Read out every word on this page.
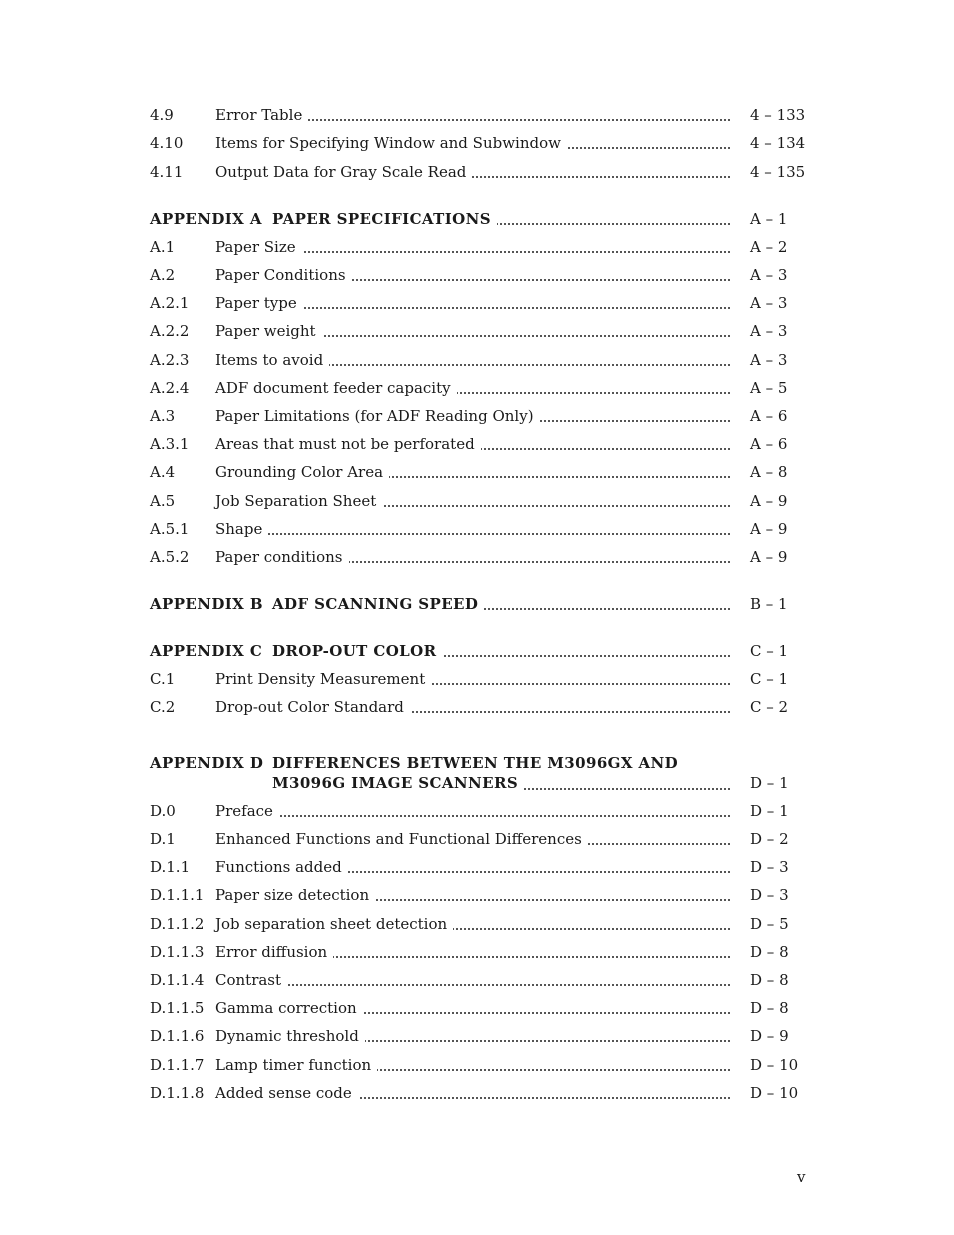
4.9	Error Table	4 – 133
4.10 Items for Specifying Window and Subwindow	4 – 134
4.11 Output Data for Gray Scale Read	4 – 135
APPENDIX A PAPER SPECIFICATIONS	A – 1
A.1	Paper Size	A – 2
A.2	Paper Conditions	A – 3
A.2.1 Paper type	A – 3
A.2.2 Paper weight	A – 3
A.2.3 Items to avoid	A – 3
A.2.4 ADF document feeder capacity	A – 5
A.3	Paper Limitations (for ADF Reading Only)	A – 6
A.3.1 Areas that must not be perforated	A – 6
A.4	Grounding Color Area	A – 8
A.5	Job Separation Sheet	A – 9
A.5.1 Shape	A – 9
A.5.2 Paper conditions	A – 9
APPENDIX B ADF SCANNING SPEED	B – 1
APPENDIX C DROP-OUT COLOR	C – 1
C.1	Print Density Measurement	C – 1
C.2	Drop-out Color Standard	C – 2
APPENDIX D DIFFERENCES BETWEEN THE M3096GX AND
M3096G IMAGE SCANNERS	D – 1
D.0	Preface	D – 1
D.1	Enhanced Functions and Functional Differences	D – 2
D.1.1 Functions added	D – 3
D.1.1.1 Paper size detection	D – 3
D.1.1.2 Job separation sheet detection	D – 5
D.1.1.3 Error diffusion	D – 8
D.1.1.4 Contrast	D – 8
D.1.1.5 Gamma correction	D – 8
D.1.1.6 Dynamic threshold	D – 9
D.1.1.7 Lamp timer function	D – 10
D.1.1.8 Added sense code	D – 10
v
